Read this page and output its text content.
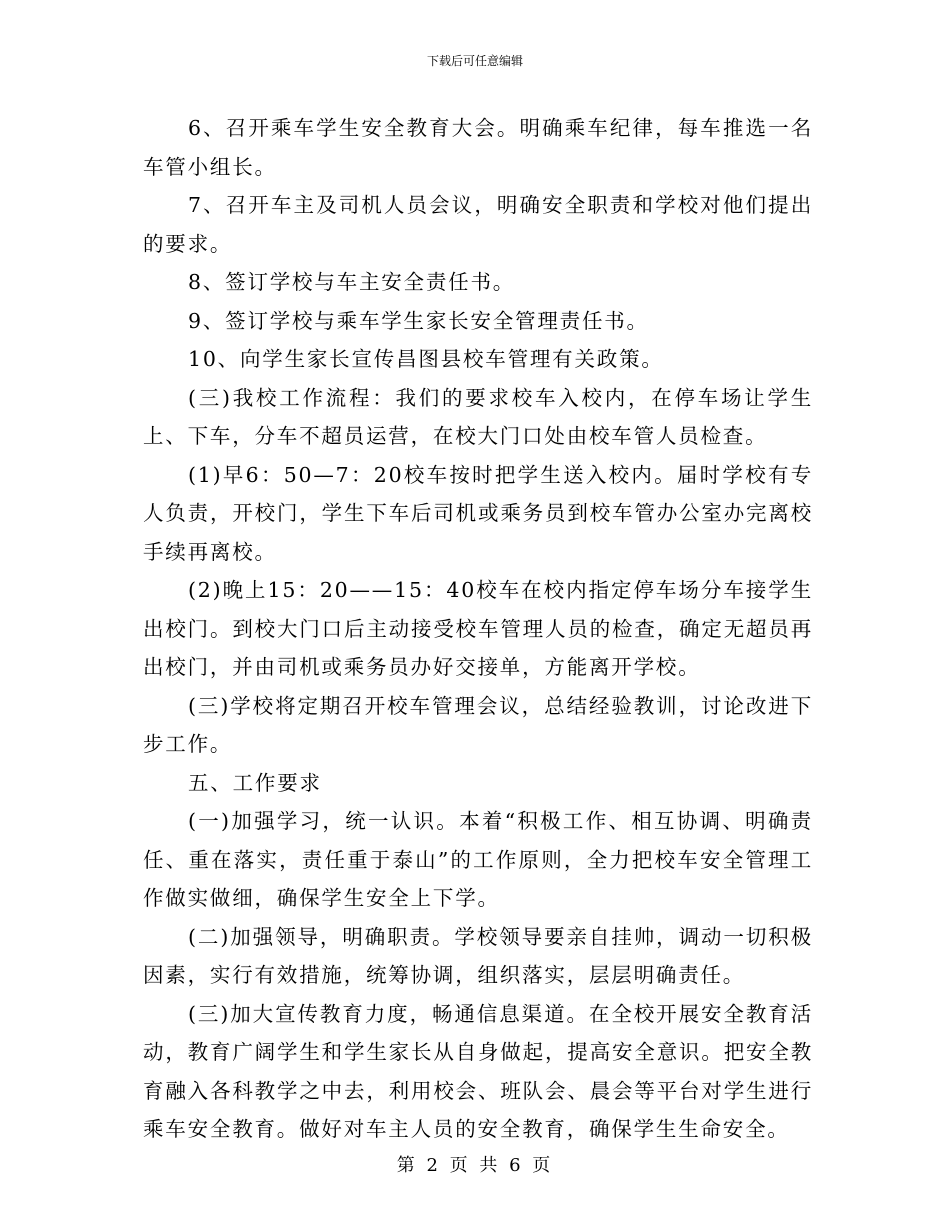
下载后可任意编辑

6、召开乘车学生安全教育大会。明确乘车纪律，每车推选一名车管小组长。

7、召开车主及司机人员会议，明确安全职责和学校对他们提出的要求。

8、签订学校与车主安全责任书。

9、签订学校与乘车学生家长安全管理责任书。

10、向学生家长宣传昌图县校车管理有关政策。

(三)我校工作流程：我们的要求校车入校内，在停车场让学生上、下车，分车不超员运营，在校大门口处由校车管人员检查。

(1)早6：50—7：20校车按时把学生送入校内。届时学校有专人负责，开校门，学生下车后司机或乘务员到校车管办公室办完离校手续再离校。

(2)晚上15：20——15：40校车在校内指定停车场分车接学生出校门。到校大门口后主动接受校车管理人员的检查，确定无超员再出校门，并由司机或乘务员办好交接单，方能离开学校。

(三)学校将定期召开校车管理会议，总结经验教训，讨论改进下步工作。

五、工作要求

(一)加强学习，统一认识。本着“积极工作、相互协调、明确责任、重在落实，责任重于泰山”的工作原则，全力把校车安全管理工作做实做细，确保学生安全上下学。

(二)加强领导，明确职责。学校领导要亲自挂帅，调动一切积极因素，实行有效措施，统筹协调，组织落实，层层明确责任。

(三)加大宣传教育力度，畅通信息渠道。在全校开展安全教育活动，教育广阔学生和学生家长从自身做起，提高安全意识。把安全教育融入各科教学之中去，利用校会、班队会、晨会等平台对学生进行乘车安全教育。做好对车主人员的安全教育，确保学生生命安全。

第 2 页 共 6 页
